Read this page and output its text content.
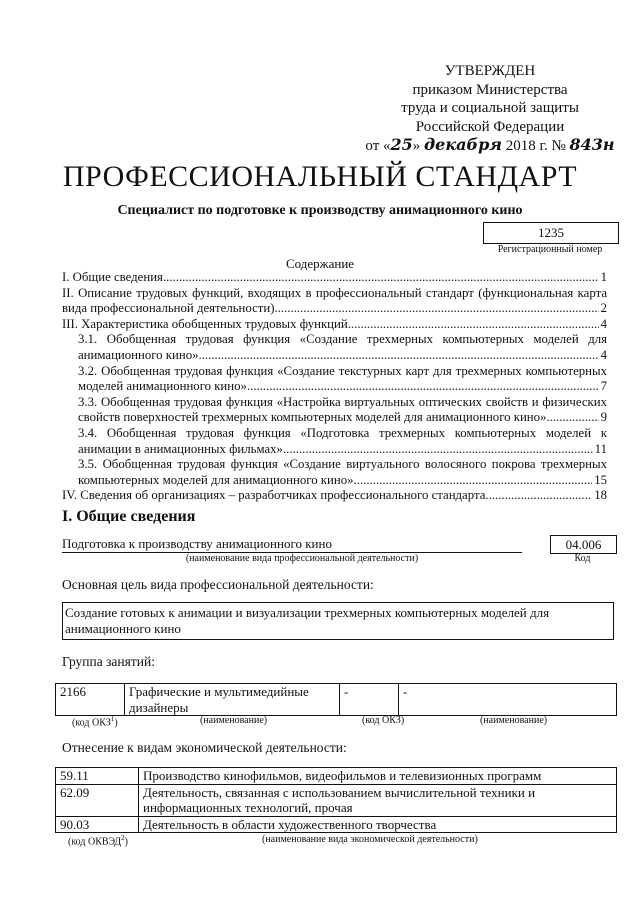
УТВЕРЖДЕН
приказом Министерства
труда и социальной защиты
Российской Федерации
от «25» декабря 2018 г. № 843н
ПРОФЕССИОНАЛЬНЫЙ СТАНДАРТ
Специалист по подготовке к производству анимационного кино
1235
Регистрационный номер
Содержание
I. Общие сведения .....	1
II. Описание трудовых функций, входящих в профессиональный стандарт (функциональная карта
вида профессиональной деятельности) .....	2
III. Характеристика обобщенных трудовых функций .....	4
3.1. Обобщенная трудовая функция «Создание трехмерных компьютерных моделей для
анимационного кино» .....	4
3.2. Обобщенная трудовая функция «Создание текстурных карт для трехмерных компьютерных
моделей анимационного кино» .....	7
3.3. Обобщенная трудовая функция «Настройка виртуальных оптических свойств и физических
свойств поверхностей трехмерных компьютерных моделей для анимационного кино» .....	9
3.4. Обобщенная трудовая функция «Подготовка трехмерных компьютерных моделей к
анимации в анимационных фильмах» .....	11
3.5. Обобщенная трудовая функция «Создание виртуального волосяного покрова трехмерных
компьютерных моделей для анимационного кино» .....	15
IV. Сведения об организациях – разработчиках профессионального стандарта .....	18
I. Общие сведения
Подготовка к производству анимационного кино
(наименование вида профессиональной деятельности)
04.006
Код
Основная цель вида профессиональной деятельности:
Создание готовых к анимации и визуализации трехмерных компьютерных моделей для анимационного кино
Группа занятий:
2166	Графические и мультимедийные дизайнеры	-	-
(код ОКЗ$^1$)	(наименование)	(код ОКЗ)	(наименование)
Отнесение к видам экономической деятельности:
59.11	Производство кинофильмов, видеофильмов и телевизионных программ
62.09	Деятельность, связанная с использованием вычислительной техники и информационных технологий, прочая
90.03	Деятельность в области художественного творчества
(код ОКВЭД$^2$)	(наименование вида экономической деятельности)
